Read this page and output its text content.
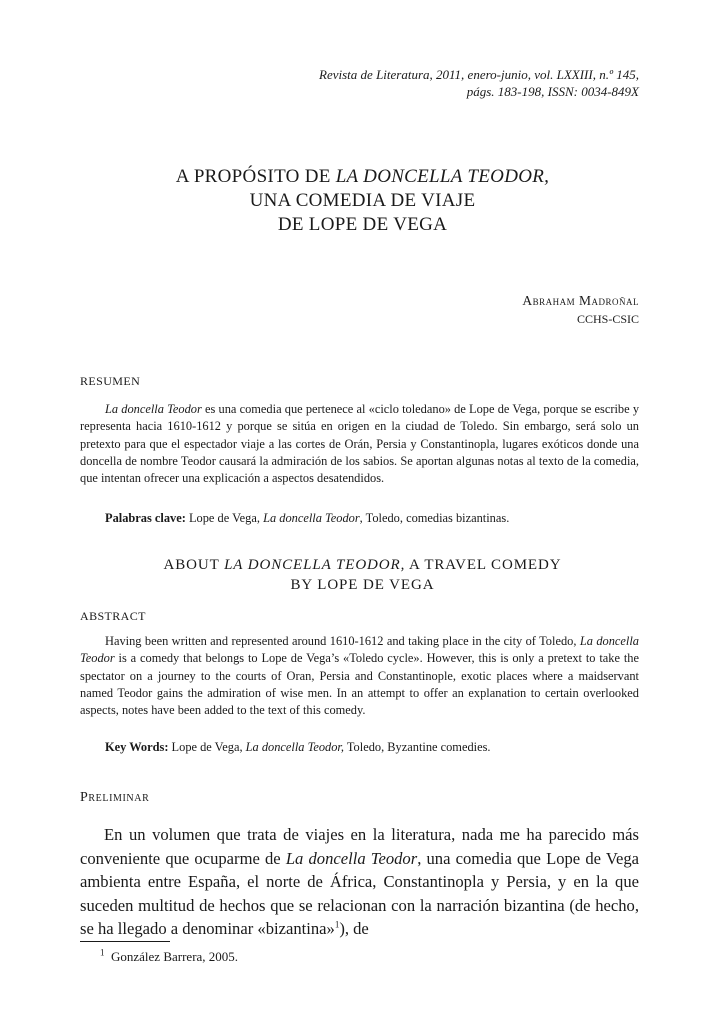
Revista de Literatura, 2011, enero-junio, vol. LXXIII, n.º 145,
págs. 183-198, ISSN: 0034-849X
A PROPÓSITO DE LA DONCELLA TEODOR,
UNA COMEDIA DE VIAJE
DE LOPE DE VEGA
Abraham Madroñal
CCHS-CSIC
RESUMEN

La doncella Teodor es una comedia que pertenece al «ciclo toledano» de Lope de Vega, porque se escribe y representa hacia 1610-1612 y porque se sitúa en origen en la ciudad de Toledo. Sin embargo, será solo un pretexto para que el espectador viaje a las cortes de Orán, Persia y Constantinopla, lugares exóticos donde una doncella de nombre Teodor causará la admiración de los sabios. Se aportan algunas notas al texto de la comedia, que intentan ofrecer una explicación a aspectos desatendidos.

Palabras clave: Lope de Vega, La doncella Teodor, Toledo, comedias bizantinas.
ABOUT LA DONCELLA TEODOR, A TRAVEL COMEDY
BY LOPE DE VEGA
ABSTRACT

Having been written and represented around 1610-1612 and taking place in the city of Toledo, La doncella Teodor is a comedy that belongs to Lope de Vega’s «Toledo cycle». However, this is only a pretext to take the spectator on a journey to the courts of Oran, Persia and Constantinople, exotic places where a maidservant named Teodor gains the admiration of wise men. In an attempt to offer an explanation to certain overlooked aspects, notes have been added to the text of this comedy.

Key Words: Lope de Vega, La doncella Teodor, Toledo, Byzantine comedies.
Preliminar

En un volumen que trata de viajes en la literatura, nada me ha parecido más conveniente que ocuparme de La doncella Teodor, una comedia que Lope de Vega ambienta entre España, el norte de África, Constantinopla y Persia, y en la que suceden multitud de hechos que se relacionan con la narración bizantina (de hecho, se ha llegado a denominar «bizantina»$^1$), de

$^1$ González Barrera, 2005.
